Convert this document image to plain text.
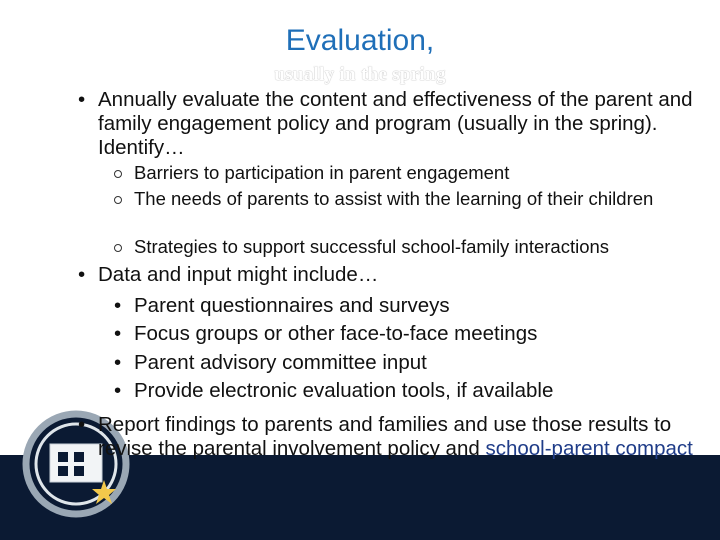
Evaluation,
usually in the spring
• Annually evaluate the content and effectiveness of the parent and family engagement policy and program (usually in the spring). Identify…
Barriers to participation in parent engagement
The needs of parents to assist with the learning of their children
Strategies to support successful school-family interactions
• Data and input might include…
• Parent questionnaires and surveys
• Focus groups or other face-to-face meetings
• Parent advisory committee input
• Provide electronic evaluation tools, if available
• Report findings to parents and families and use those results to revise the parental involvement policy and school-parent compact
